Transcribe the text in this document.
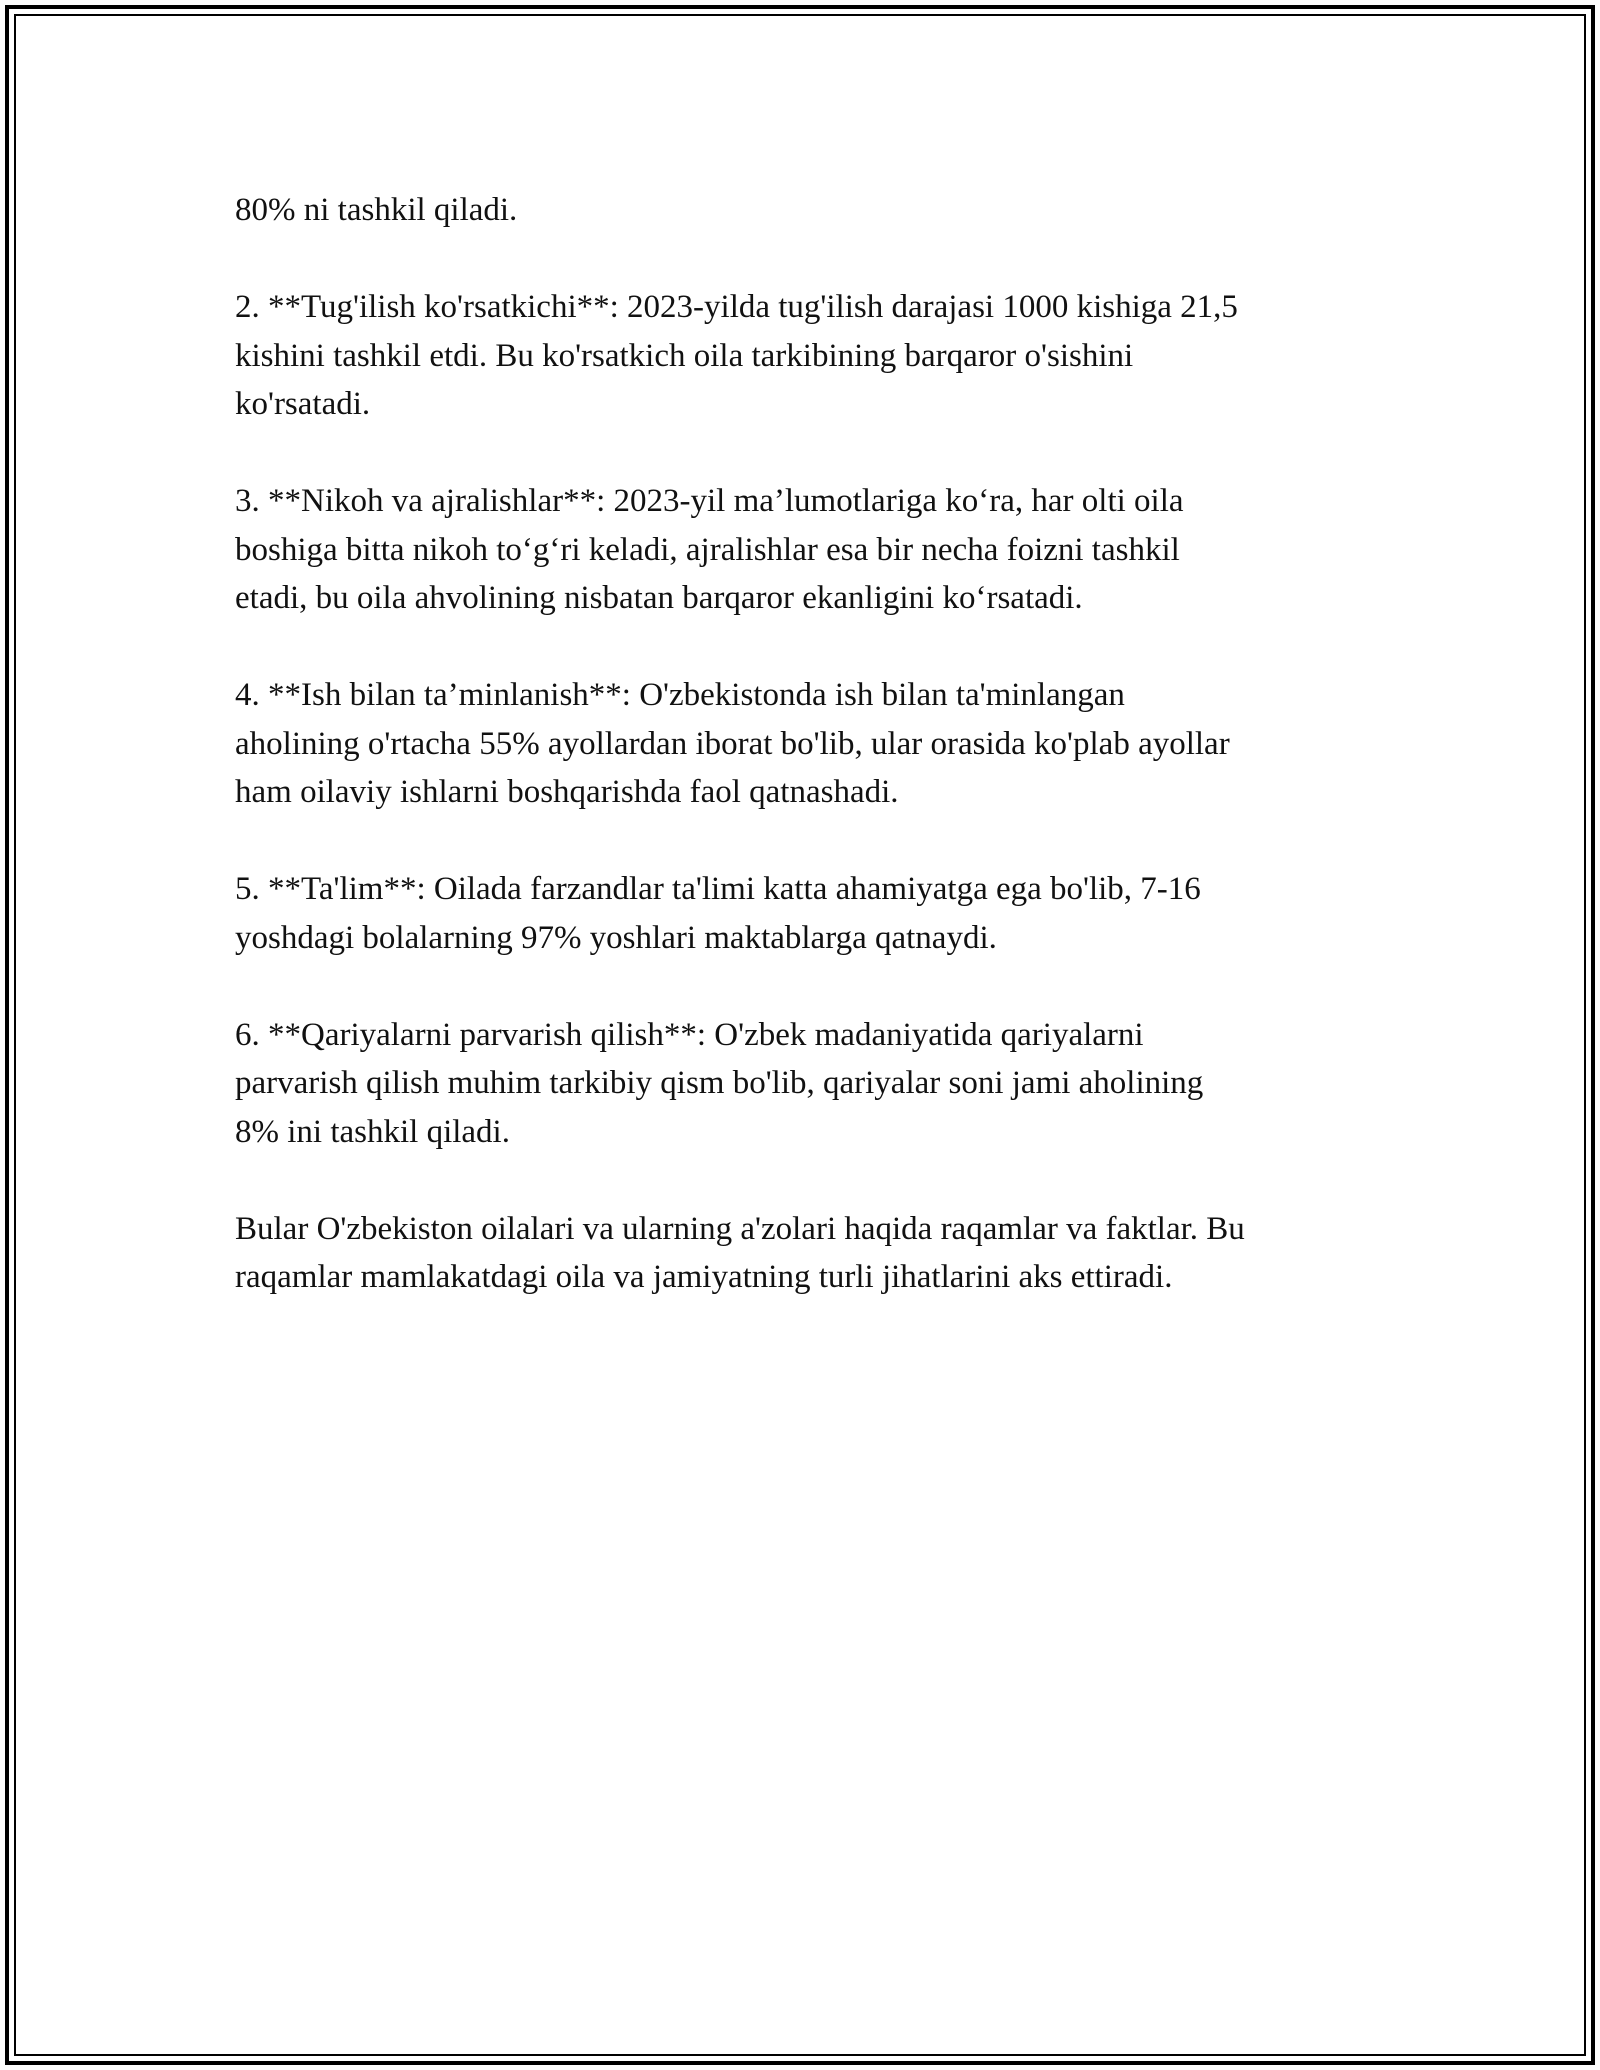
80% ni tashkil qiladi.

2. **Tug'ilish ko'rsatkichi**: 2023-yilda tug'ilish darajasi 1000 kishiga 21,5
kishini tashkil etdi. Bu ko'rsatkich oila tarkibining barqaror o'sishini
ko'rsatadi.

3. **Nikoh va ajralishlar**: 2023-yil ma’lumotlariga ko‘ra, har olti oila
boshiga bitta nikoh to‘g‘ri keladi, ajralishlar esa bir necha foizni tashkil
etadi, bu oila ahvolining nisbatan barqaror ekanligini ko‘rsatadi.

4. **Ish bilan ta’minlanish**: O'zbekistonda ish bilan ta'minlangan
aholining o'rtacha 55% ayollardan iborat bo'lib, ular orasida ko'plab ayollar
ham oilaviy ishlarni boshqarishda faol qatnashadi.

5. **Ta'lim**: Oilada farzandlar ta'limi katta ahamiyatga ega bo'lib, 7-16
yoshdagi bolalarning 97% yoshlari maktablarga qatnaydi.

6. **Qariyalarni parvarish qilish**: O'zbek madaniyatida qariyalarni
parvarish qilish muhim tarkibiy qism bo'lib, qariyalar soni jami aholining
8% ini tashkil qiladi.

Bular O'zbekiston oilalari va ularning a'zolari haqida raqamlar va faktlar. Bu
raqamlar mamlakatdagi oila va jamiyatning turli jihatlarini aks ettiradi.
